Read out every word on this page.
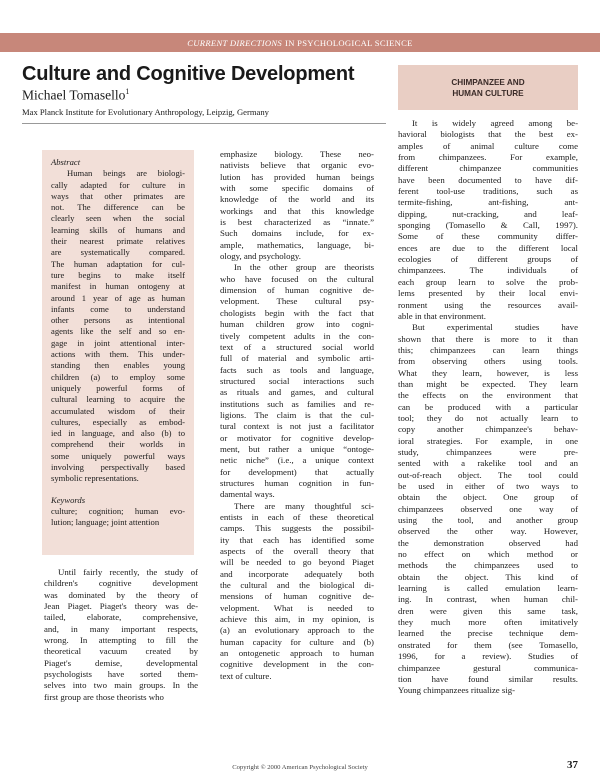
CURRENT DIRECTIONS IN PSYCHOLOGICAL SCIENCE
Culture and Cognitive Development
Michael Tomasello$^1$
Max Planck Institute for Evolutionary Anthropology, Leipzig, Germany
CHIMPANZEE AND
HUMAN CULTURE
Abstract
Human beings are biologi-
cally adapted for culture in
ways that other primates are
not. The difference can be
clearly seen when the social
learning skills of humans and
their nearest primate relatives
are systematically compared.
The human adaptation for cul-
ture begins to make itself
manifest in human ontogeny at
around 1 year of age as human
infants come to understand
other persons as intentional
agents like the self and so en-
gage in joint attentional inter-
actions with them. This under-
standing then enables young
children (a) to employ some
uniquely powerful forms of
cultural learning to acquire the
accumulated wisdom of their
cultures, especially as embod-
ied in language, and also (b) to
comprehend their worlds in
some uniquely powerful ways
involving perspectivally based
symbolic representations.
Keywords
culture; cognition; human evo-
lution; language; joint attention
Until fairly recently, the study of
children's cognitive development
was dominated by the theory of
Jean Piaget. Piaget's theory was de-
tailed, elaborate, comprehensive,
and, in many important respects,
wrong. In attempting to fill the
theoretical vacuum created by
Piaget's demise, developmental
psychologists have sorted them-
selves into two main groups. In the
first group are those theorists who
emphasize biology. These neo-
nativists believe that organic evo-
lution has provided human beings
with some specific domains of
knowledge of the world and its
workings and that this knowledge
is best characterized as “innate.”
Such domains include, for ex-
ample, mathematics, language, bi-
ology, and psychology.
In the other group are theorists
who have focused on the cultural
dimension of human cognitive de-
velopment. These cultural psy-
chologists begin with the fact that
human children grow into cogni-
tively competent adults in the con-
text of a structured social world
full of material and symbolic arti-
facts such as tools and language,
structured social interactions such
as rituals and games, and cultural
institutions such as families and re-
ligions. The claim is that the cul-
tural context is not just a facilitator
or motivator for cognitive develop-
ment, but rather a unique “ontoge-
netic niche” (i.e., a unique context
for development) that actually
structures human cognition in fun-
damental ways.
There are many thoughtful sci-
entists in each of these theoretical
camps. This suggests the possibil-
ity that each has identified some
aspects of the overall theory that
will be needed to go beyond Piaget
and incorporate adequately both
the cultural and the biological di-
mensions of human cognitive de-
velopment. What is needed to
achieve this aim, in my opinion, is
(a) an evolutionary approach to the
human capacity for culture and (b)
an ontogenetic approach to human
cognitive development in the con-
text of culture.
It is widely agreed among be-
havioral biologists that the best ex-
amples of animal culture come
from chimpanzees. For example,
different chimpanzee communities
have been documented to have dif-
ferent tool-use traditions, such as
termite-fishing, ant-fishing, ant-
dipping, nut-cracking, and leaf-
sponging (Tomasello & Call, 1997).
Some of these community differ-
ences are due to the different local
ecologies of different groups of
chimpanzees. The individuals of
each group learn to solve the prob-
lems presented by their local envi-
ronment using the resources avail-
able in that environment.
But experimental studies have
shown that there is more to it than
this; chimpanzees can learn things
from observing others using tools.
What they learn, however, is less
than might be expected. They learn
the effects on the environment that
can be produced with a particular
tool; they do not actually learn to
copy another chimpanzee's behav-
ioral strategies. For example, in one
study, chimpanzees were pre-
sented with a rakelike tool and an
out-of-reach object. The tool could
be used in either of two ways to
obtain the object. One group of
chimpanzees observed one way of
using the tool, and another group
observed the other way. However,
the demonstration observed had
no effect on which method or
methods the chimpanzees used to
obtain the object. This kind of
learning is called emulation learn-
ing. In contrast, when human chil-
dren were given this same task,
they much more often imitatively
learned the precise technique dem-
onstrated for them (see Tomasello,
1996, for a review). Studies of
chimpanzee gestural communica-
tion have found similar results.
Young chimpanzees ritualize sig-
Copyright © 2000 American Psychological Society	37
